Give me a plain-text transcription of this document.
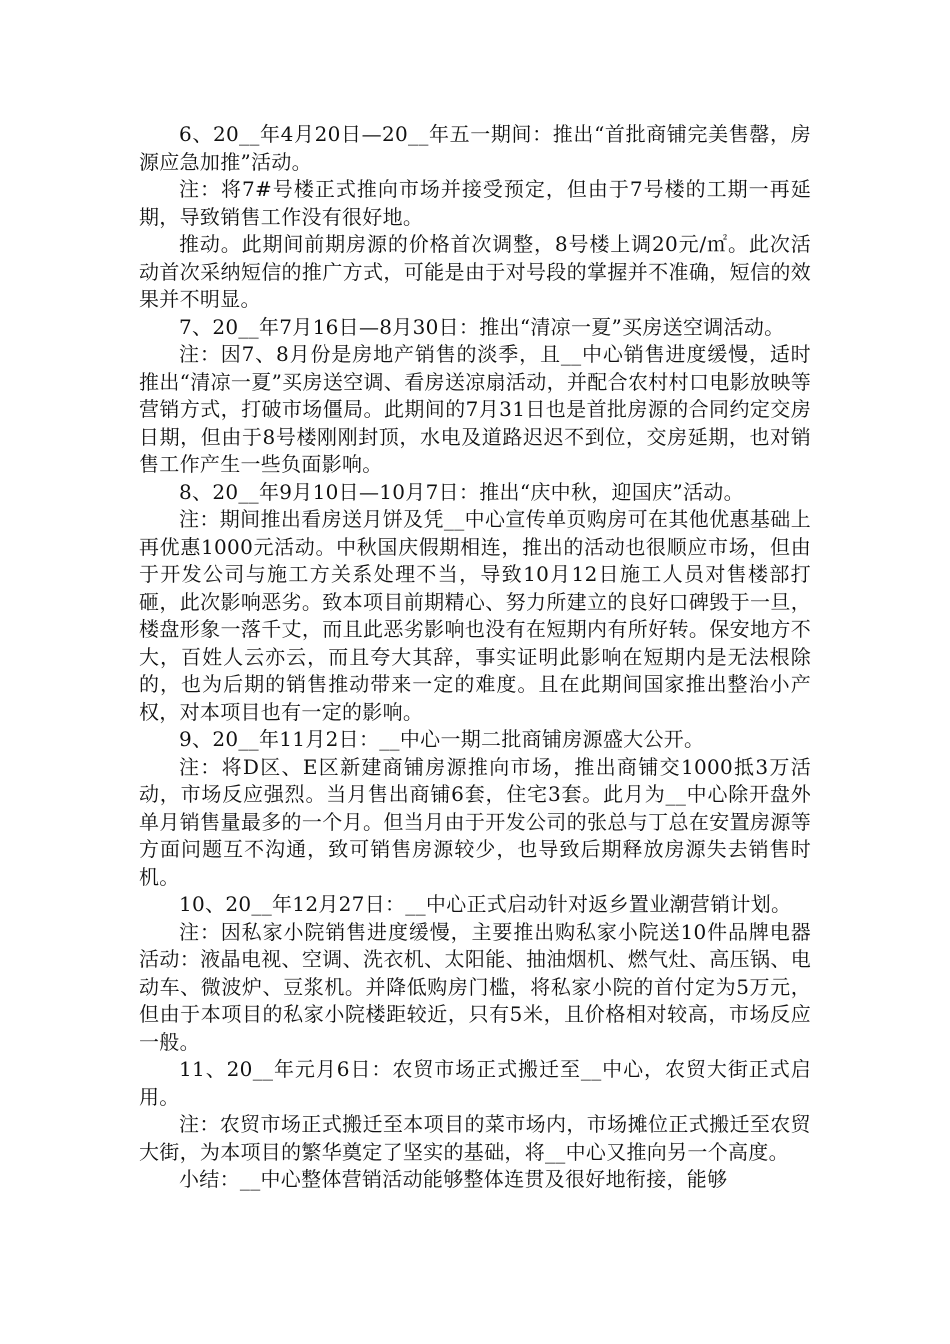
6、20__年4月20日—20__年五一期间：推出“首批商铺完美售罄，房源应急加推”活动。

注：将7#号楼正式推向市场并接受预定，但由于7号楼的工期一再延期，导致销售工作没有很好地。

推动。此期间前期房源的价格首次调整，8号楼上调20元/㎡。此次活动首次采纳短信的推广方式，可能是由于对号段的掌握并不准确，短信的效果并不明显。

7、20__年7月16日—8月30日：推出“清凉一夏”买房送空调活动。

注：因7、8月份是房地产销售的淡季，且__中心销售进度缓慢，适时推出“清凉一夏”买房送空调、看房送凉扇活动，并配合农村村口电影放映等营销方式，打破市场僵局。此期间的7月31日也是首批房源的合同约定交房日期，但由于8号楼刚刚封顶，水电及道路迟迟不到位，交房延期，也对销售工作产生一些负面影响。

8、20__年9月10日—10月7日：推出“庆中秋，迎国庆”活动。

注：期间推出看房送月饼及凭__中心宣传单页购房可在其他优惠基础上再优惠1000元活动。中秋国庆假期相连，推出的活动也很顺应市场，但由于开发公司与施工方关系处理不当，导致10月12日施工人员对售楼部打砸，此次影响恶劣。致本项目前期精心、努力所建立的良好口碑毁于一旦，楼盘形象一落千丈，而且此恶劣影响也没有在短期内有所好转。保安地方不大，百姓人云亦云，而且夸大其辞，事实证明此影响在短期内是无法根除的，也为后期的销售推动带来一定的难度。且在此期间国家推出整治小产权，对本项目也有一定的影响。

9、20__年11月2日：__中心一期二批商铺房源盛大公开。

注：将D区、E区新建商铺房源推向市场，推出商铺交1000抵3万活动，市场反应强烈。当月售出商铺6套，住宅3套。此月为__中心除开盘外单月销售量最多的一个月。但当月由于开发公司的张总与丁总在安置房源等方面问题互不沟通，致可销售房源较少，也导致后期释放房源失去销售时机。

10、20__年12月27日：__中心正式启动针对返乡置业潮营销计划。

注：因私家小院销售进度缓慢，主要推出购私家小院送10件品牌电器活动：液晶电视、空调、洗衣机、太阳能、抽油烟机、燃气灶、高压锅、电动车、微波炉、豆浆机。并降低购房门槛，将私家小院的首付定为5万元，但由于本项目的私家小院楼距较近，只有5米，且价格相对较高，市场反应一般。

11、20__年元月6日：农贸市场正式搬迁至__中心，农贸大街正式启用。

注：农贸市场正式搬迁至本项目的菜市场内，市场摊位正式搬迁至农贸大街，为本项目的繁华奠定了坚实的基础，将__中心又推向另一个高度。

小结：__中心整体营销活动能够整体连贯及很好地衔接，能够
